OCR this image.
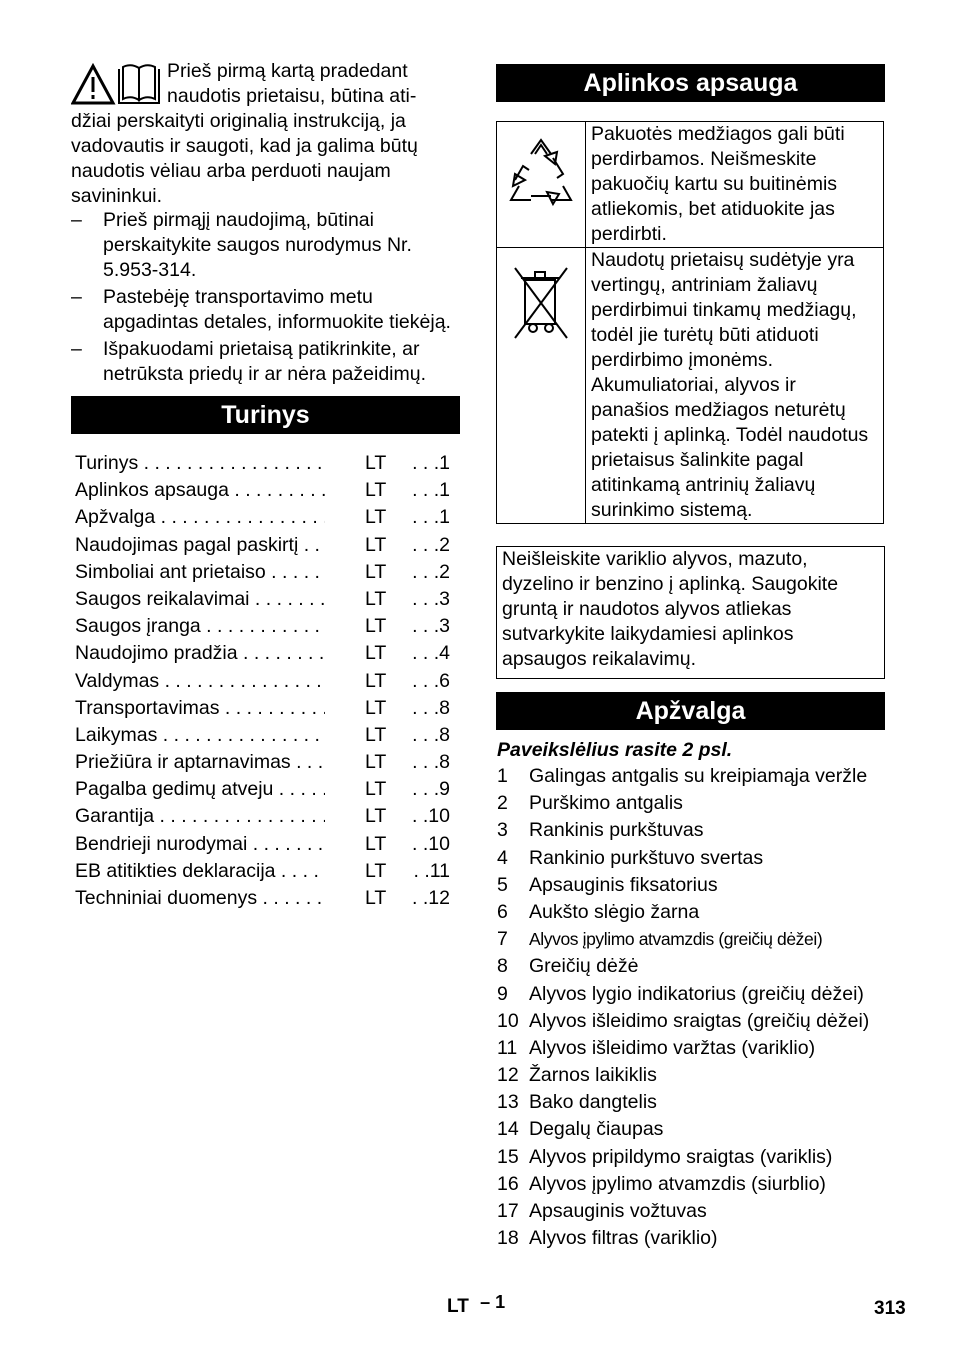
Prieš pirmą kartą pradedant

naudotis prietaisu, būtina ati-

džiai perskaityti originalią instrukciją, ja vadovautis ir saugoti, kad ja galima būtų naudotis vėliau arba perduoti naujam savininkui.

– Prieš pirmąjį naudojimą, būtinai perskaitykite saugos nurodymus Nr. 5.953-314.
– Pastebėję transportavimo metu apgadintas detales, informuokite tiekėją.
– Išpakuodami prietaisą patikrinkite, ar netrūksta priedų ir ar nėra pažeidimų.
Turinys
Turinys . . .	LT . . .1
Aplinkos apsauga . . .	LT . . .1
Apžvalga . . .	LT . . .1
Naudojimas pagal paskirtį . . .	LT . . .2
Simboliai ant prietaiso . . .	LT . . .2
Saugos reikalavimai . . .	LT . . .3
Saugos įranga . . .	LT . . .3
Naudojimo pradžia . . .	LT . . .4
Valdymas . . .	LT . . .6
Transportavimas . . .	LT . . .8
Laikymas . . .	LT . . .8
Priežiūra ir aptarnavimas . . .	LT . . .8
Pagalba gedimų atveju . . .	LT . . .9
Garantija . . .	LT . .10
Bendrieji nurodymai . . .	LT . .10
EB atitikties deklaracija . . .	LT . .11
Techniniai duomenys . . .	LT . .12
Aplinkos apsauga
	Pakuotės medžiagos gali būti perdirbamos. Neišmeskite pakuočių kartu su buitinėmis atliekomis, bet atiduokite jas perdirbti.
	Naudotų prietaisų sudėtyje yra vertingų, antriniam žaliavų perdirbimui tinkamų medžiagų, todėl jie turėtų būti atiduoti perdirbimo įmonėms. Akumuliatoriai, alyvos ir panašios medžiagos neturėtų patekti į aplinką. Todėl naudotus prietaisus šalinkite pagal atitinkamą antrinių žaliavų surinkimo sistemą.
Neišleiskite variklio alyvos, mazuto, dyzelino ir benzino į aplinką. Saugokite gruntą ir naudotos alyvos atliekas sutvarkykite laikydamiesi aplinkos apsaugos reikalavimų.
Apžvalga
Paveikslėlius rasite 2 psl.
1 Galingas antgalis su kreipiamąja veržle
2 Purškimo antgalis
3 Rankinis purkštuvas
4 Rankinio purkštuvo svertas
5 Apsauginis fiksatorius
6 Aukšto slėgio žarna
7 Alyvos įpylimo atvamzdis (greičių dėžei)
8 Greičių dėžė
9 Alyvos lygio indikatorius (greičių dėžei)
10 Alyvos išleidimo sraigtas (greičių dėžei)
11 Alyvos išleidimo varžtas (variklio)
12 Žarnos laikiklis
13 Bako dangtelis
14 Degalų čiaupas
15 Alyvos pripildymo sraigtas (variklis)
16 Alyvos įpylimo atvamzdis (siurblio)
17 Apsauginis vožtuvas
18 Alyvos filtras (variklio)
LT – 1	313
